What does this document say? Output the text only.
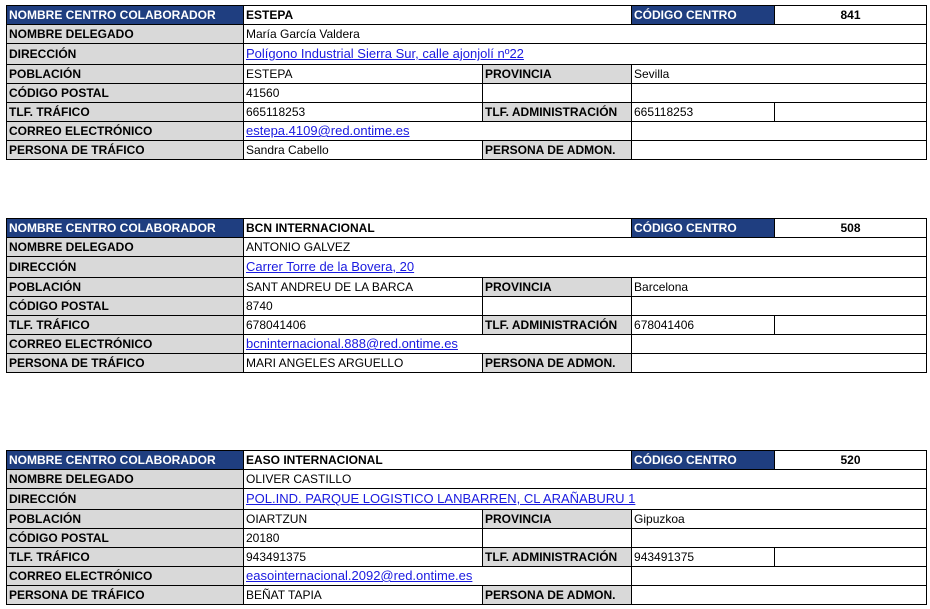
NOMBRE CENTRO COLABORADOR	ESTEPA		CÓDIGO CENTRO	841
NOMBRE DELEGADO	María García Valdera			
DIRECCIÓN	Polígono Industrial Sierra Sur, calle ajonjolí nº22			
POBLACIÓN	ESTEPA	PROVINCIA	Sevilla	
CÓDIGO POSTAL	41560			
TLF. TRÁFICO	665118253	TLF. ADMINISTRACIÓN	665118253	
CORREO ELECTRÓNICO	estepa.4109@red.ontime.es			
PERSONA DE TRÁFICO	Sandra Cabello	PERSONA DE ADMON.		
NOMBRE CENTRO COLABORADOR	BCN INTERNACIONAL		CÓDIGO CENTRO	508
NOMBRE DELEGADO	ANTONIO GALVEZ			
DIRECCIÓN	Carrer Torre de la Bovera, 20			
POBLACIÓN	SANT ANDREU DE LA BARCA	PROVINCIA	Barcelona	
CÓDIGO POSTAL	8740			
TLF. TRÁFICO	678041406	TLF. ADMINISTRACIÓN	678041406	
CORREO ELECTRÓNICO	bcninternacional.888@red.ontime.es			
PERSONA DE TRÁFICO	MARI ANGELES ARGUELLO	PERSONA DE ADMON.		
NOMBRE CENTRO COLABORADOR	EASO INTERNACIONAL		CÓDIGO CENTRO	520
NOMBRE DELEGADO	OLIVER CASTILLO			
DIRECCIÓN	POL.IND. PARQUE LOGISTICO LANBARREN, CL ARAÑABURU 1			
POBLACIÓN	OIARTZUN	PROVINCIA	Gipuzkoa	
CÓDIGO POSTAL	20180			
TLF. TRÁFICO	943491375	TLF. ADMINISTRACIÓN	943491375	
CORREO ELECTRÓNICO	easointernacional.2092@red.ontime.es			
PERSONA DE TRÁFICO	BEÑAT TAPIA	PERSONA DE ADMON.		
